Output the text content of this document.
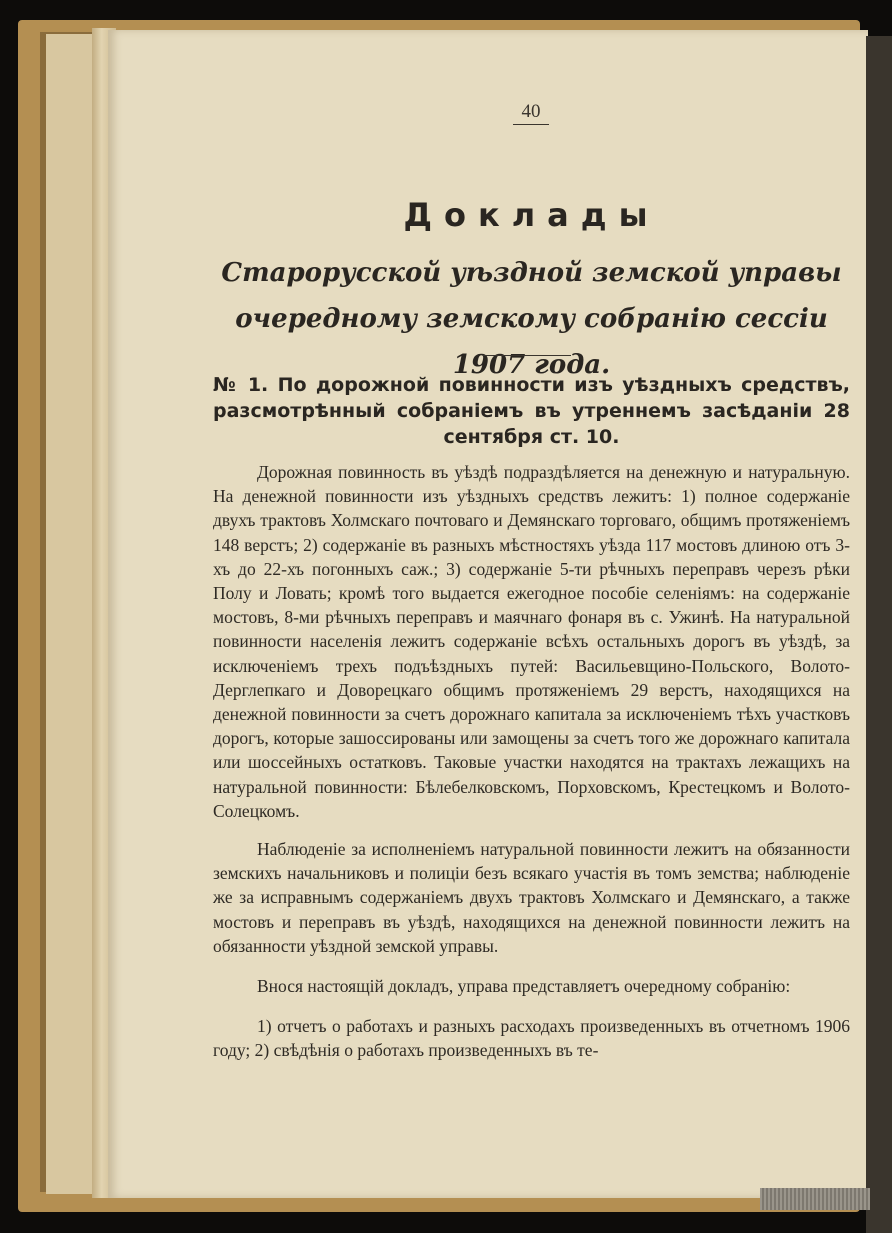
40
Доклады
Старорусской уѣздной земской управы очередному земскому собранію сессіи 1907 года.
№ 1. По дорожной повинности изъ уѣздныхъ средствъ, разсмотрѣнный собраніемъ въ утреннемъ засѣданіи 28 сентября ст. 10.

Дорожная повинность въ уѣздѣ подраздѣляется на денежную и натуральную. На денежной повинности изъ уѣздныхъ средствъ лежитъ: 1) полное содержаніе двухъ трактовъ Холмскаго почтоваго и Демянскаго торговаго, общимъ протяженіемъ 148 верстъ; 2) содержаніе въ разныхъ мѣстностяхъ уѣзда 117 мостовъ длиною отъ 3-хъ до 22-хъ погонныхъ саж.; 3) содержаніе 5-ти рѣчныхъ переправъ черезъ рѣки Полу и Ловать; кромѣ того выдается ежегодное пособіе селеніямъ: на содержаніе мостовъ, 8-ми рѣчныхъ переправъ и маячнаго фонаря въ с. Ужинѣ. На натуральной повинности населенія лежитъ содержаніе всѣхъ остальныхъ дорогъ въ уѣздѣ, за исключеніемъ трехъ подъѣздныхъ путей: Васильевщино-Польского, Волото-Дерглепкаго и Доворецкаго общимъ протяженіемъ 29 верстъ, находящихся на денежной повинности за счетъ дорожнаго капитала за исключеніемъ тѣхъ участковъ дорогъ, которые зашоссированы или замощены за счетъ того же дорожнаго капитала или шоссейныхъ остатковъ. Таковые участки находятся на трактахъ лежащихъ на натуральной повинности: Бѣлебелковскомъ, Порховскомъ, Крестецкомъ и Волото-Солецкомъ.

Наблюденіе за исполненіемъ натуральной повинности лежитъ на обязанности земскихъ начальниковъ и полиціи безъ всякаго участія въ томъ земства; наблюденіе же за исправнымъ содержаніемъ двухъ трактовъ Холмскаго и Демянскаго, а также мостовъ и переправъ въ уѣздѣ, находящихся на денежной повинности лежитъ на обязанности уѣздной земской управы.

Внося настоящій докладъ, управа представляетъ очередному собранію:

1) отчетъ о работахъ и разныхъ расходахъ произведенныхъ въ отчетномъ 1906 году; 2) свѣдѣнія о работахъ произведенныхъ въ те-
